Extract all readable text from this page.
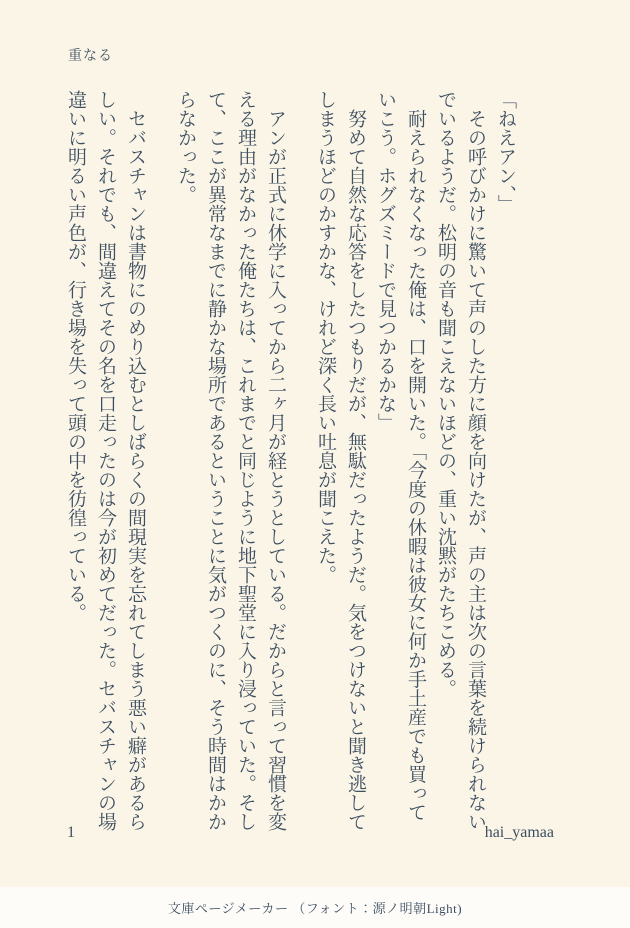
重なる

「ねえアン、」

　その呼びかけに驚いて声のした方に顔を向けたが、声の主は次の言葉を続けられないでいるようだ。松明の音も聞こえないほどの、重い沈黙がたちこめる。

　耐えられなくなった俺は、口を開いた。「今度の休暇は彼女に何か手土産でも買っていこう。ホグズミードで見つかるかな」

　努めて自然な応答をしたつもりだが、無駄だったようだ。気をつけないと聞き逃してしまうほどのかすかな、けれど深く長い吐息が聞こえた。

　アンが正式に休学に入ってから二ヶ月が経とうとしている。だからと言って習慣を変える理由がなかった俺たちは、これまでと同じように地下聖堂に入り浸っていた。そして、ここが異常なまでに静かな場所であるということに気がつくのに、そう時間はかからなかった。

　セバスチャンは書物にのめり込むとしばらくの間現実を忘れてしまう悪い癖があるらしい。それでも、間違えてその名を口走ったのは今が初めてだった。セバスチャンの場違いに明るい声色が、行き場を失って頭の中を彷徨っている。

1	hai_yamaa
文庫ページメーカー （フォント：源ノ明朝Light)
